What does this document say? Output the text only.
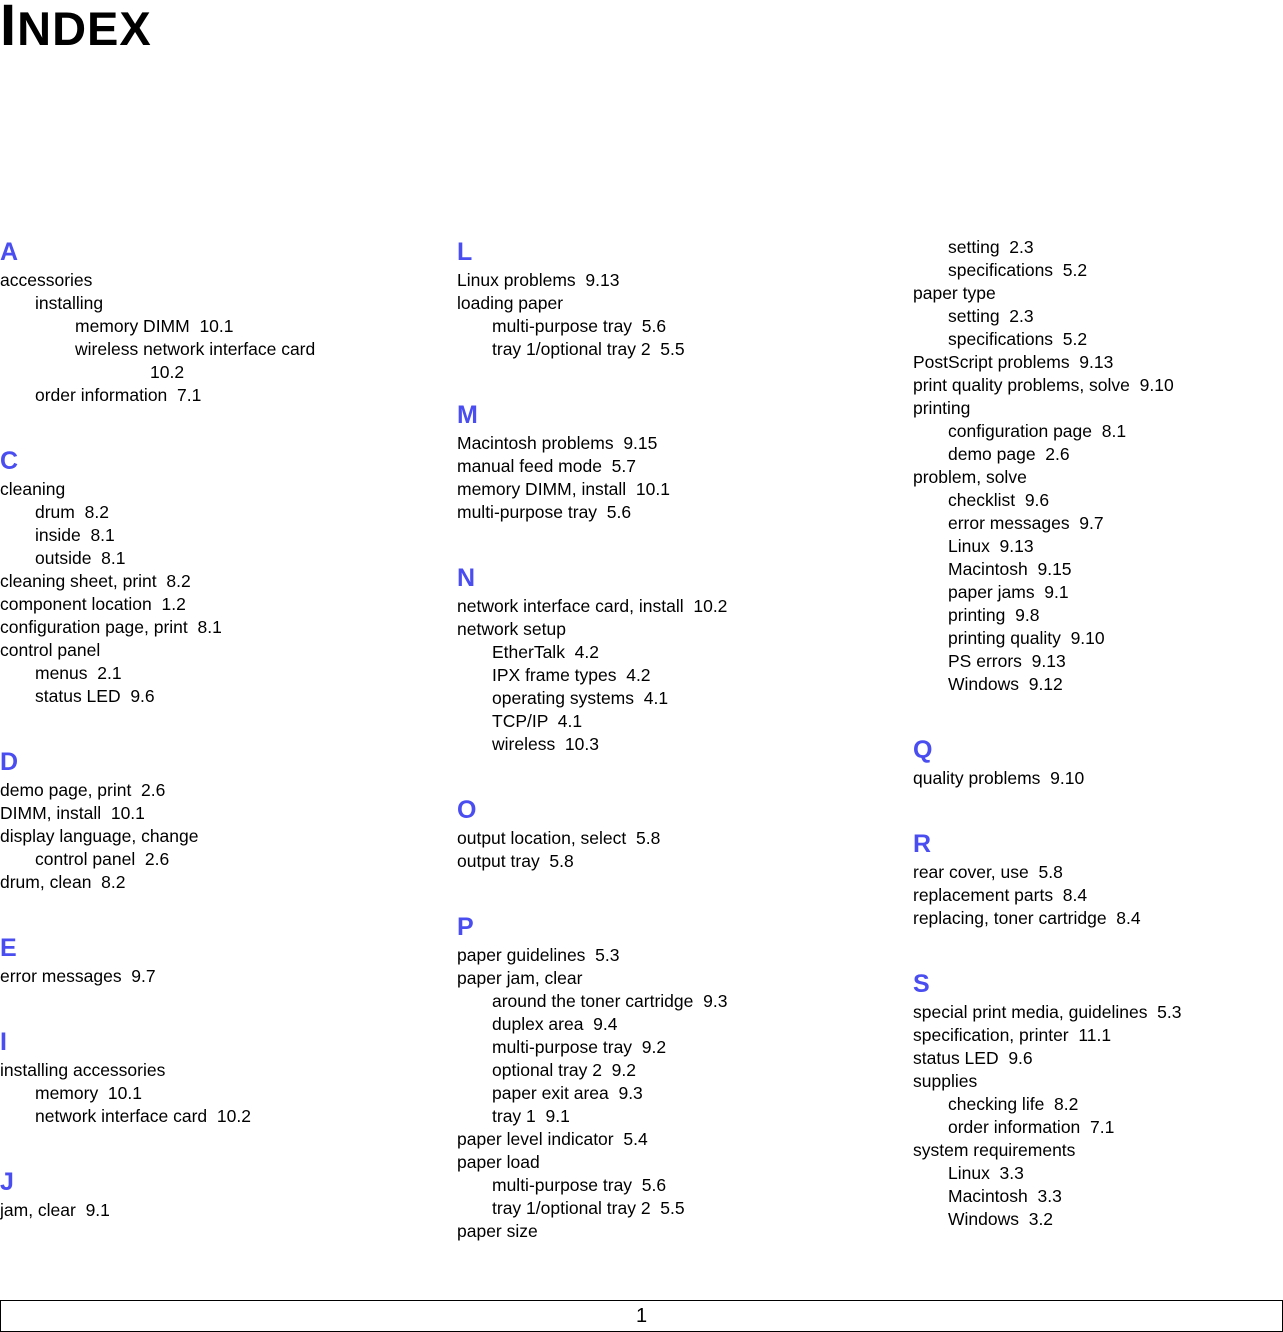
INDEX
A
accessories
installing
memory DIMM  10.1
wireless network interface card
10.2
order information  7.1
C
cleaning
drum  8.2
inside  8.1
outside  8.1
cleaning sheet, print  8.2
component location  1.2
configuration page, print  8.1
control panel
menus  2.1
status LED  9.6
D
demo page, print  2.6
DIMM, install  10.1
display language, change
control panel  2.6
drum, clean  8.2
E
error messages  9.7
I
installing accessories
memory  10.1
network interface card  10.2
J
jam, clear  9.1
L
Linux problems  9.13
loading paper
multi-purpose tray  5.6
tray 1/optional tray 2  5.5
M
Macintosh problems  9.15
manual feed mode  5.7
memory DIMM, install  10.1
multi-purpose tray  5.6
N
network interface card, install  10.2
network setup
EtherTalk  4.2
IPX frame types  4.2
operating systems  4.1
TCP/IP  4.1
wireless  10.3
O
output location, select  5.8
output tray  5.8
P
paper guidelines  5.3
paper jam, clear
around the toner cartridge  9.3
duplex area  9.4
multi-purpose tray  9.2
optional tray 2  9.2
paper exit area  9.3
tray 1  9.1
paper level indicator  5.4
paper load
multi-purpose tray  5.6
tray 1/optional tray 2  5.5
paper size
setting  2.3
specifications  5.2
paper type
setting  2.3
specifications  5.2
PostScript problems  9.13
print quality problems, solve  9.10
printing
configuration page  8.1
demo page  2.6
problem, solve
checklist  9.6
error messages  9.7
Linux  9.13
Macintosh  9.15
paper jams  9.1
printing  9.8
printing quality  9.10
PS errors  9.13
Windows  9.12
Q
quality problems  9.10
R
rear cover, use  5.8
replacement parts  8.4
replacing, toner cartridge  8.4
S
special print media, guidelines  5.3
specification, printer  11.1
status LED  9.6
supplies
checking life  8.2
order information  7.1
system requirements
Linux  3.3
Macintosh  3.3
Windows  3.2
1
